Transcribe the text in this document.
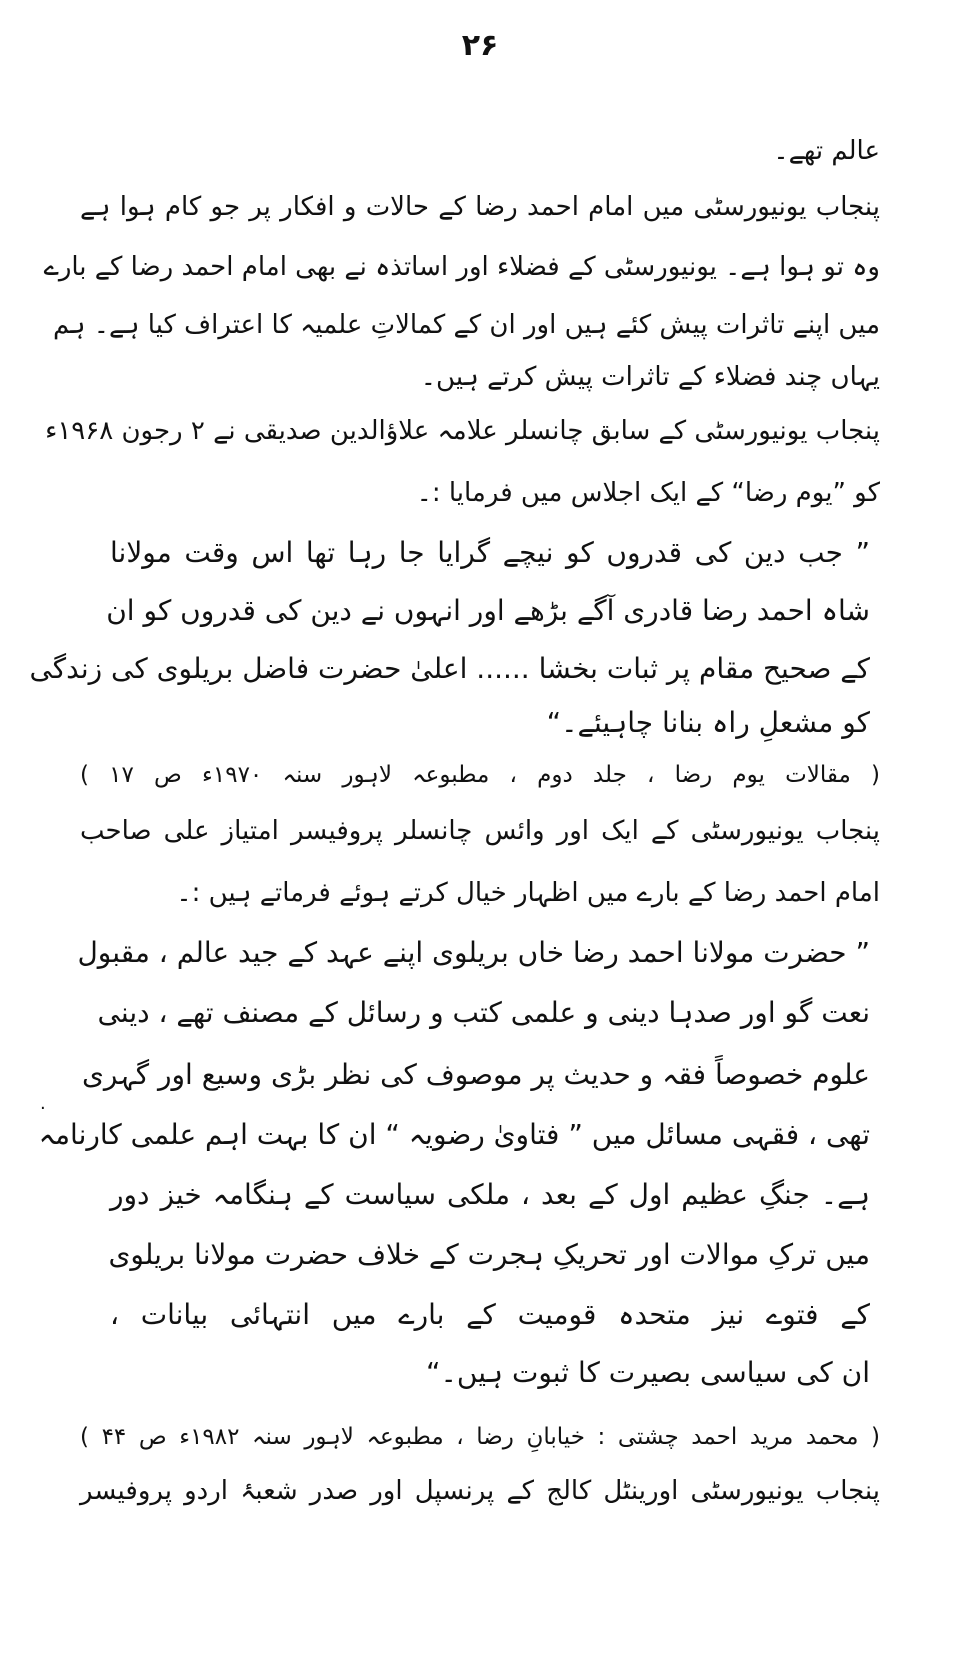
۲۶
عالم تھے۔
پنجاب یونیورسٹی میں امام احمد رضا کے حالات و افکار پر جو کام ہوا ہے
وہ تو ہوا ہے۔ یونیورسٹی کے فضلاء اور اساتذہ نے بھی امام احمد رضا کے بارے
میں اپنے تاثرات پیش کئے ہیں اور ان کے کمالاتِ علمیہ کا اعتراف کیا ہے۔ ہم
یہاں چند فضلاء کے تاثرات پیش کرتے ہیں۔
پنجاب یونیورسٹی کے سابق چانسلر علامہ علاؤالدین صدیقی نے ۲ رجون ۱۹۶۸ء
کو ”یوم رضا“ کے ایک اجلاس میں فرمایا :۔
” جب دین کی قدروں کو نیچے گرایا جا رہا تھا اس وقت مولانا
شاہ احمد رضا قادری آگے بڑھے اور انہوں نے دین کی قدروں کو ان
کے صحیح مقام پر ثبات بخشا ...... اعلیٰ حضرت فاضل بریلوی کی زندگی
کو مشعلِ راہ بنانا چاہیئے۔“
( مقالات یوم رضا ، جلد دوم ، مطبوعہ لاہور سنہ ۱۹۷۰ء ص ۱۷ )
پنجاب یونیورسٹی کے ایک اور وائس چانسلر پروفیسر امتیاز علی صاحب
امام احمد رضا کے بارے میں اظہار خیال کرتے ہوئے فرماتے ہیں :۔
” حضرت مولانا احمد رضا خاں بریلوی اپنے عہد کے جید عالم ، مقبول
نعت گو اور صدہا دینی و علمی کتب و رسائل کے مصنف تھے ، دینی
علوم خصوصاً فقہ و حدیث پر موصوف کی نظر بڑی وسیع اور گہری
تھی ، فقہی مسائل میں ” فتاویٰ رضویہ “ ان کا بہت اہم علمی کارنامہ
ہے۔ جنگِ عظیم اول کے بعد ، ملکی سیاست کے ہنگامہ خیز دور
میں ترکِ موالات اور تحریکِ ہجرت کے خلاف حضرت مولانا بریلوی
کے فتوے نیز متحدہ قومیت کے بارے میں انتہائی بیانات ،
ان کی سیاسی بصیرت کا ثبوت ہیں۔“
( محمد مرید احمد چشتی : خیابانِ رضا ، مطبوعہ لاہور سنہ ۱۹۸۲ء ص ۴۴ )
پنجاب یونیورسٹی اورینٹل کالج کے پرنسپل اور صدر شعبۂ اردو پروفیسر
·
